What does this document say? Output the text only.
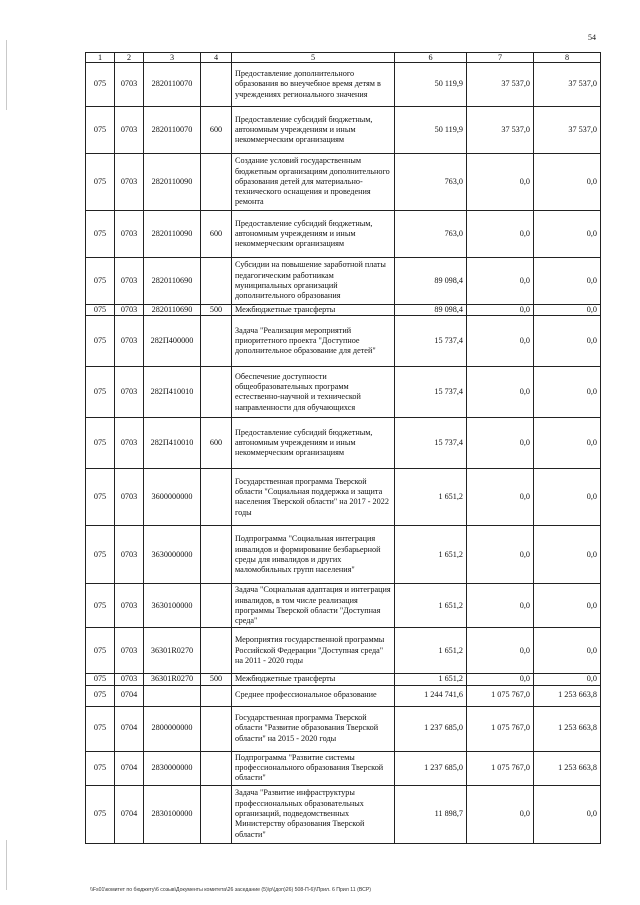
54
1	2	3	4	5	6	7	8
075	0703	2820110070		Предоставление дополнительного образования во внеучебное время детям в учреждениях регионального значения	50 119,9	37 537,0	37 537,0
075	0703	2820110070	600	Предоставление субсидий бюджетным, автономным учреждениям и иным некоммерческим организациям	50 119,9	37 537,0	37 537,0
075	0703	2820110090		Создание условий государственным бюджетным организациям дополнительного образования детей для материально-технического оснащения и проведения ремонта	763,0	0,0	0,0
075	0703	2820110090	600	Предоставление субсидий бюджетным, автономным учреждениям и иным некоммерческим организациям	763,0	0,0	0,0
075	0703	2820110690		Субсидии на повышение заработной платы педагогическим работникам муниципальных организаций дополнительного образования	89 098,4	0,0	0,0
075	0703	2820110690	500	Межбюджетные трансферты	89 098,4	0,0	0,0
075	0703	282П400000		Задача "Реализация мероприятий приоритетного проекта "Доступное дополнительное образование для детей"	15 737,4	0,0	0,0
075	0703	282П410010		Обеспечение доступности общеобразовательных программ естественно-научной и технической направленности для обучающихся	15 737,4	0,0	0,0
075	0703	282П410010	600	Предоставление субсидий бюджетным, автономным учреждениям и иным некоммерческим организациям	15 737,4	0,0	0,0
075	0703	3600000000		Государственная программа Тверской области "Социальная поддержка и защита населения Тверской области" на 2017 - 2022 годы	1 651,2	0,0	0,0
075	0703	3630000000		Подпрограмма "Социальная интеграция инвалидов и формирование безбарьерной среды для инвалидов и других маломобильных групп населения"	1 651,2	0,0	0,0
075	0703	3630100000		Задача "Социальная адаптация и интеграция инвалидов, в том числе реализация программы Тверской области "Доступная среда"	1 651,2	0,0	0,0
075	0703	36301R0270		Мероприятия государственной программы Российской Федерации "Доступная среда" на 2011 - 2020 годы	1 651,2	0,0	0,0
075	0703	36301R0270	500	Межбюджетные трансферты	1 651,2	0,0	0,0
075	0704			Среднее профессиональное образование	1 244 741,6	1 075 767,0	1 253 663,8
075	0704	2800000000		Государственная программа Тверской области "Развитие образования Тверской области" на 2015 - 2020 годы	1 237 685,0	1 075 767,0	1 253 663,8
075	0704	2830000000		Подпрограмма "Развитие системы профессионального образования Тверской области"	1 237 685,0	1 075 767,0	1 253 663,8
075	0704	2830100000		Задача "Развитие инфраструктуры профессиональных образовательных организаций, подведомственных Министерству образования Тверской области"	11 898,7	0,0	0,0
\\Fs01\комитет по бюджету\6 созыв\Документы комитета\26 заседание (5)\р\(доп)26) 508-П-6)\Прил. 6 Прил 11 (ВСР)
